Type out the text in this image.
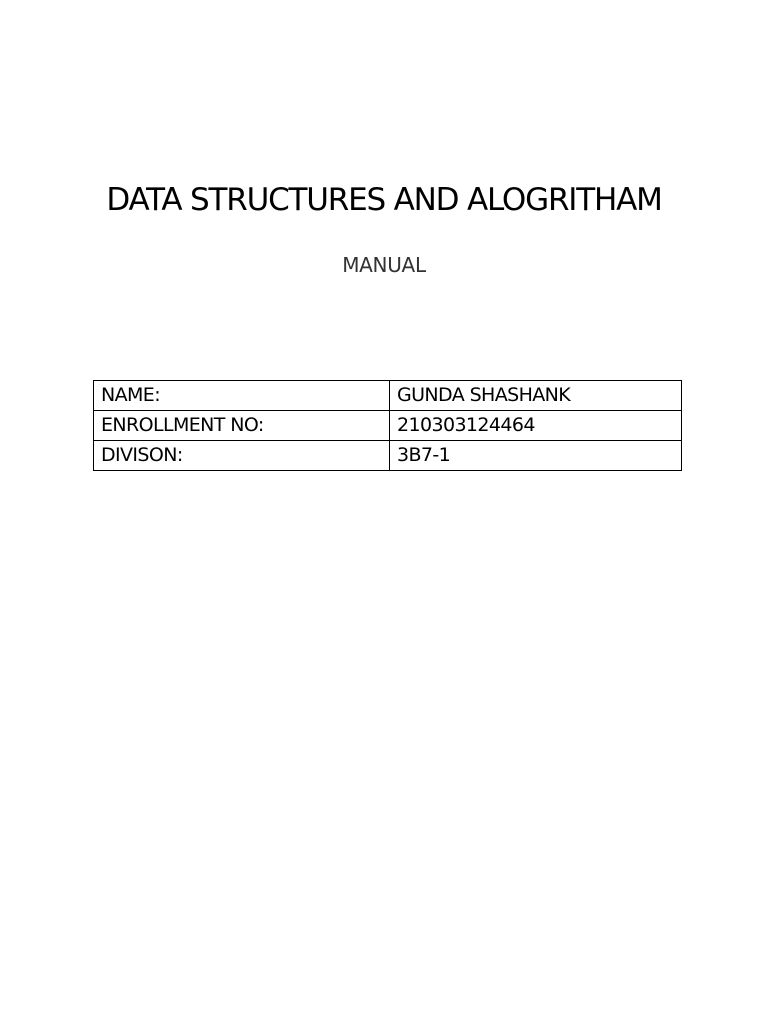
DATA STRUCTURES AND ALOGRITHAM
MANUAL
NAME:	GUNDA SHASHANK
ENROLLMENT NO:	210303124464
DIVISON:	3B7-1
